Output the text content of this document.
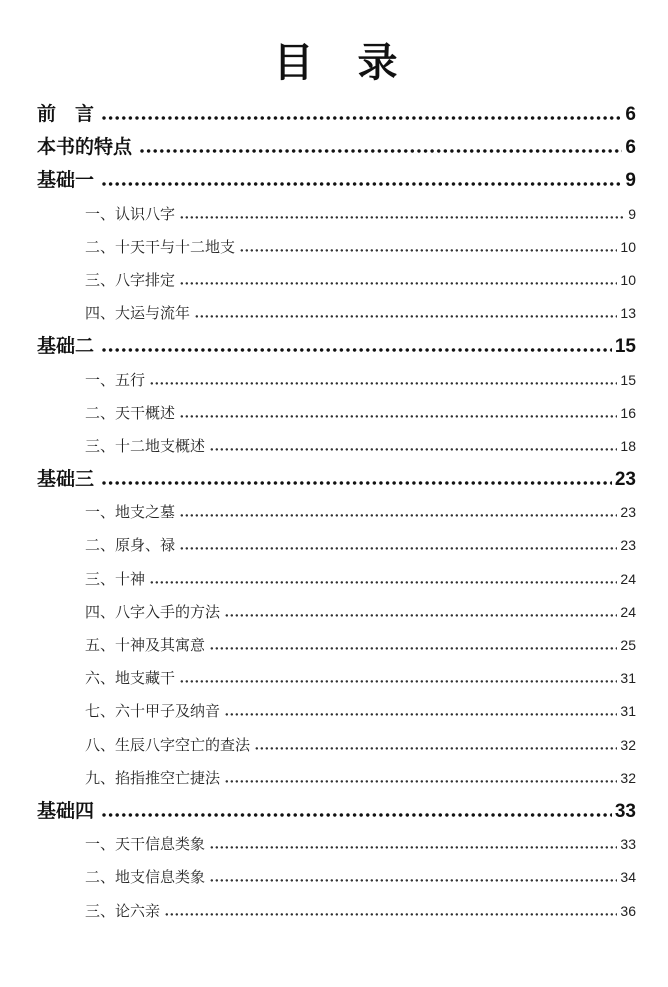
目　录
前　言	6
本书的特点	6
基础一	9
一、认识八字	9
二、十天干与十二地支	10
三、八字排定	10
四、大运与流年	13
基础二	15
一、五行	15
二、天干概述	16
三、十二地支概述	18
基础三	23
一、地支之墓	23
二、原身、禄	23
三、十神	24
四、八字入手的方法	24
五、十神及其寓意	25
六、地支藏干	31
七、六十甲子及纳音	31
八、生辰八字空亡的查法	32
九、掐指推空亡捷法	32
基础四	33
一、天干信息类象	33
二、地支信息类象	34
三、论六亲	36
